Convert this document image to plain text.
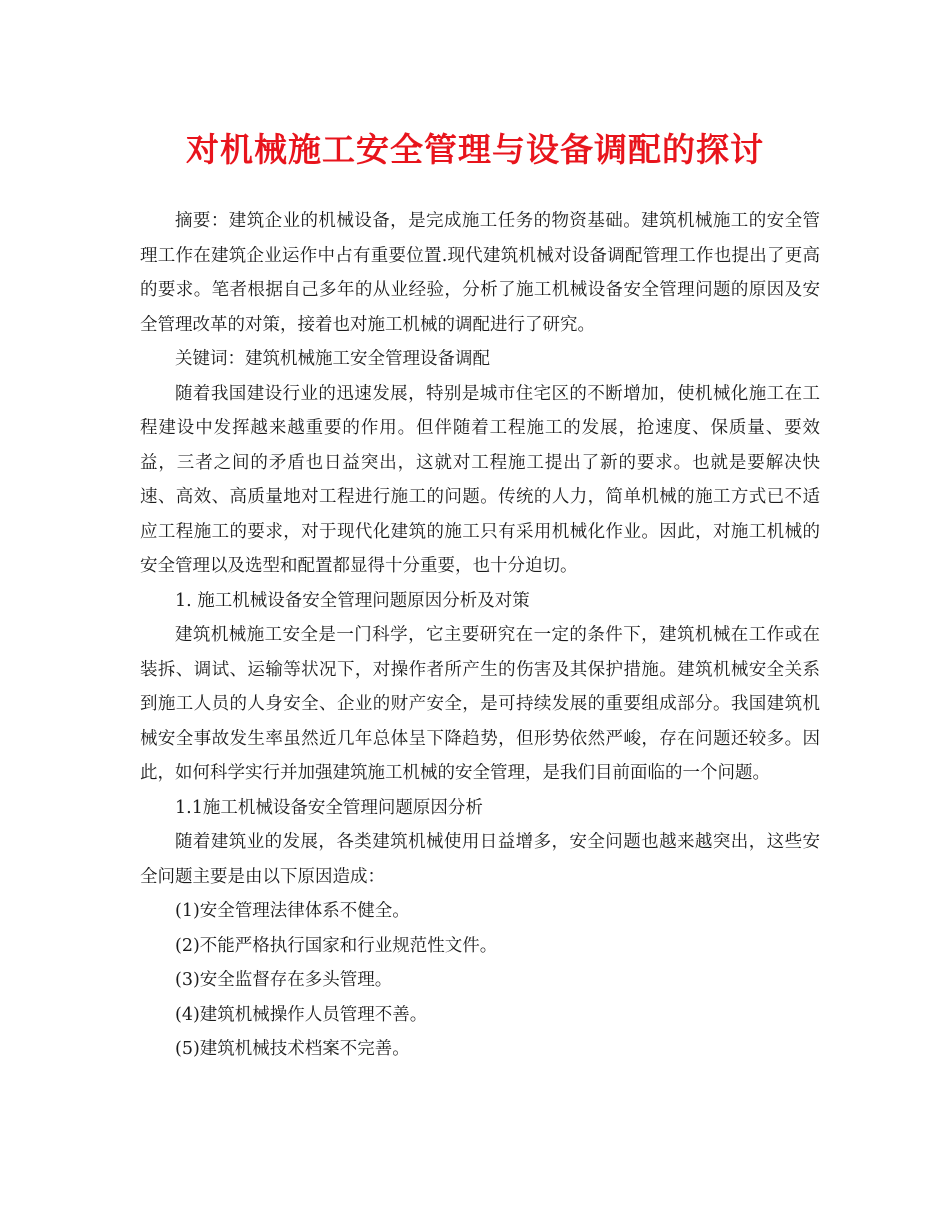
对机械施工安全管理与设备调配的探讨

摘要：建筑企业的机械设备，是完成施工任务的物资基础。建筑机械施工的安全管理工作在建筑企业运作中占有重要位置.现代建筑机械对设备调配管理工作也提出了更高的要求。笔者根据自己多年的从业经验，分析了施工机械设备安全管理问题的原因及安全管理改革的对策，接着也对施工机械的调配进行了研究。

关键词：建筑机械施工安全管理设备调配

随着我国建设行业的迅速发展，特别是城市住宅区的不断增加，使机械化施工在工程建设中发挥越来越重要的作用。但伴随着工程施工的发展，抢速度、保质量、要效益，三者之间的矛盾也日益突出，这就对工程施工提出了新的要求。也就是要解决快速、高效、高质量地对工程进行施工的问题。传统的人力，简单机械的施工方式已不适应工程施工的要求，对于现代化建筑的施工只有采用机械化作业。因此，对施工机械的安全管理以及选型和配置都显得十分重要，也十分迫切。

1. 施工机械设备安全管理问题原因分析及对策

建筑机械施工安全是一门科学，它主要研究在一定的条件下，建筑机械在工作或在装拆、调试、运输等状况下，对操作者所产生的伤害及其保护措施。建筑机械安全关系到施工人员的人身安全、企业的财产安全，是可持续发展的重要组成部分。我国建筑机械安全事故发生率虽然近几年总体呈下降趋势，但形势依然严峻，存在问题还较多。因此，如何科学实行并加强建筑施工机械的安全管理，是我们目前面临的一个问题。

1.1施工机械设备安全管理问题原因分析

随着建筑业的发展，各类建筑机械使用日益增多，安全问题也越来越突出，这些安全问题主要是由以下原因造成：

(1)安全管理法律体系不健全。

(2)不能严格执行国家和行业规范性文件。

(3)安全监督存在多头管理。

(4)建筑机械操作人员管理不善。

(5)建筑机械技术档案不完善。
